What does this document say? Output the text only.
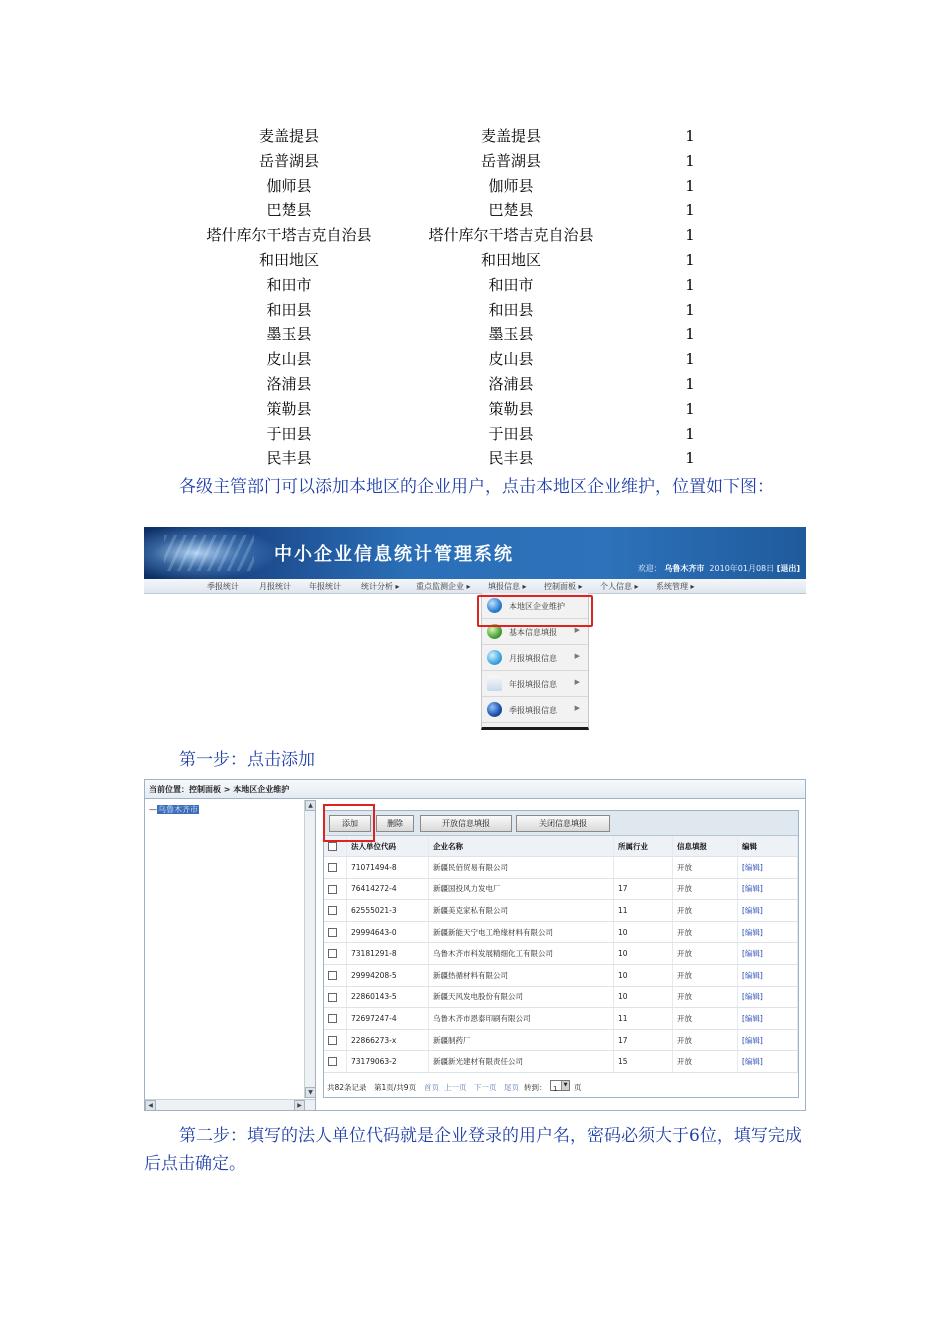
麦盖提县	麦盖提县	1
岳普湖县	岳普湖县	1
伽师县	伽师县	1
巴楚县	巴楚县	1
塔什库尔干塔吉克自治县	塔什库尔干塔吉克自治县	1
和田地区	和田地区	1
和田市	和田市	1
和田县	和田县	1
墨玉县	墨玉县	1
皮山县	皮山县	1
洛浦县	洛浦县	1
策勒县	策勒县	1
于田县	于田县	1
民丰县	民丰县	1
各级主管部门可以添加本地区的企业用户，点击本地区企业维护，位置如下图：
中小企业信息统计管理系统
欢迎： 乌鲁木齐市 2010年01月08日 [退出]
季报统计	月报统计 年报统计	统计分析 ▸ 重点监测企业 ▸ 填报信息 ▸ 控制面板 ▸ 个人信息 ▸ 系统管理 ▸
本地区企业维护
基本信息填报	▶
月报填报信息	▶
年报填报信息	▶
季报填报信息	▶
第一步：点击添加
当前位置：控制面板 > 本地区企业维护
—乌鲁木齐市	▲
▼
◀	▶
添加	删除	开放信息填报	关闭信息填报
	法人单位代码	企业名称	所属行业	信息填报	编辑
	71071494-8	新疆民佰贸易有限公司		开放	[编辑]
	76414272-4	新疆国投风力发电厂	17	开放	[编辑]
	62555021-3	新疆美克家私有限公司	11	开放	[编辑]
	29994643-0	新疆新能天宁电工绝缘材料有限公司	10	开放	[编辑]
	73181291-8	乌鲁木齐市科发展精细化工有限公司	10	开放	[编辑]
	29994208-5	新疆热循材料有限公司	10	开放	[编辑]
	22860143-5	新疆天风发电股份有限公司	10	开放	[编辑]
	72697247-4	乌鲁木齐市恩泰印刷有限公司	11	开放	[编辑]
	22866273-x	新疆制药厂	17	开放	[编辑]
	73179063-2	新疆新光建材有限责任公司	15	开放	[编辑]
共82条记录 第1页/共9页 首页 上一页 下一页 尾页 转到： 1	▼ 页
第二步：填写的法人单位代码就是企业登录的用户名，密码必须大于6位，填写完成后点击确定。
